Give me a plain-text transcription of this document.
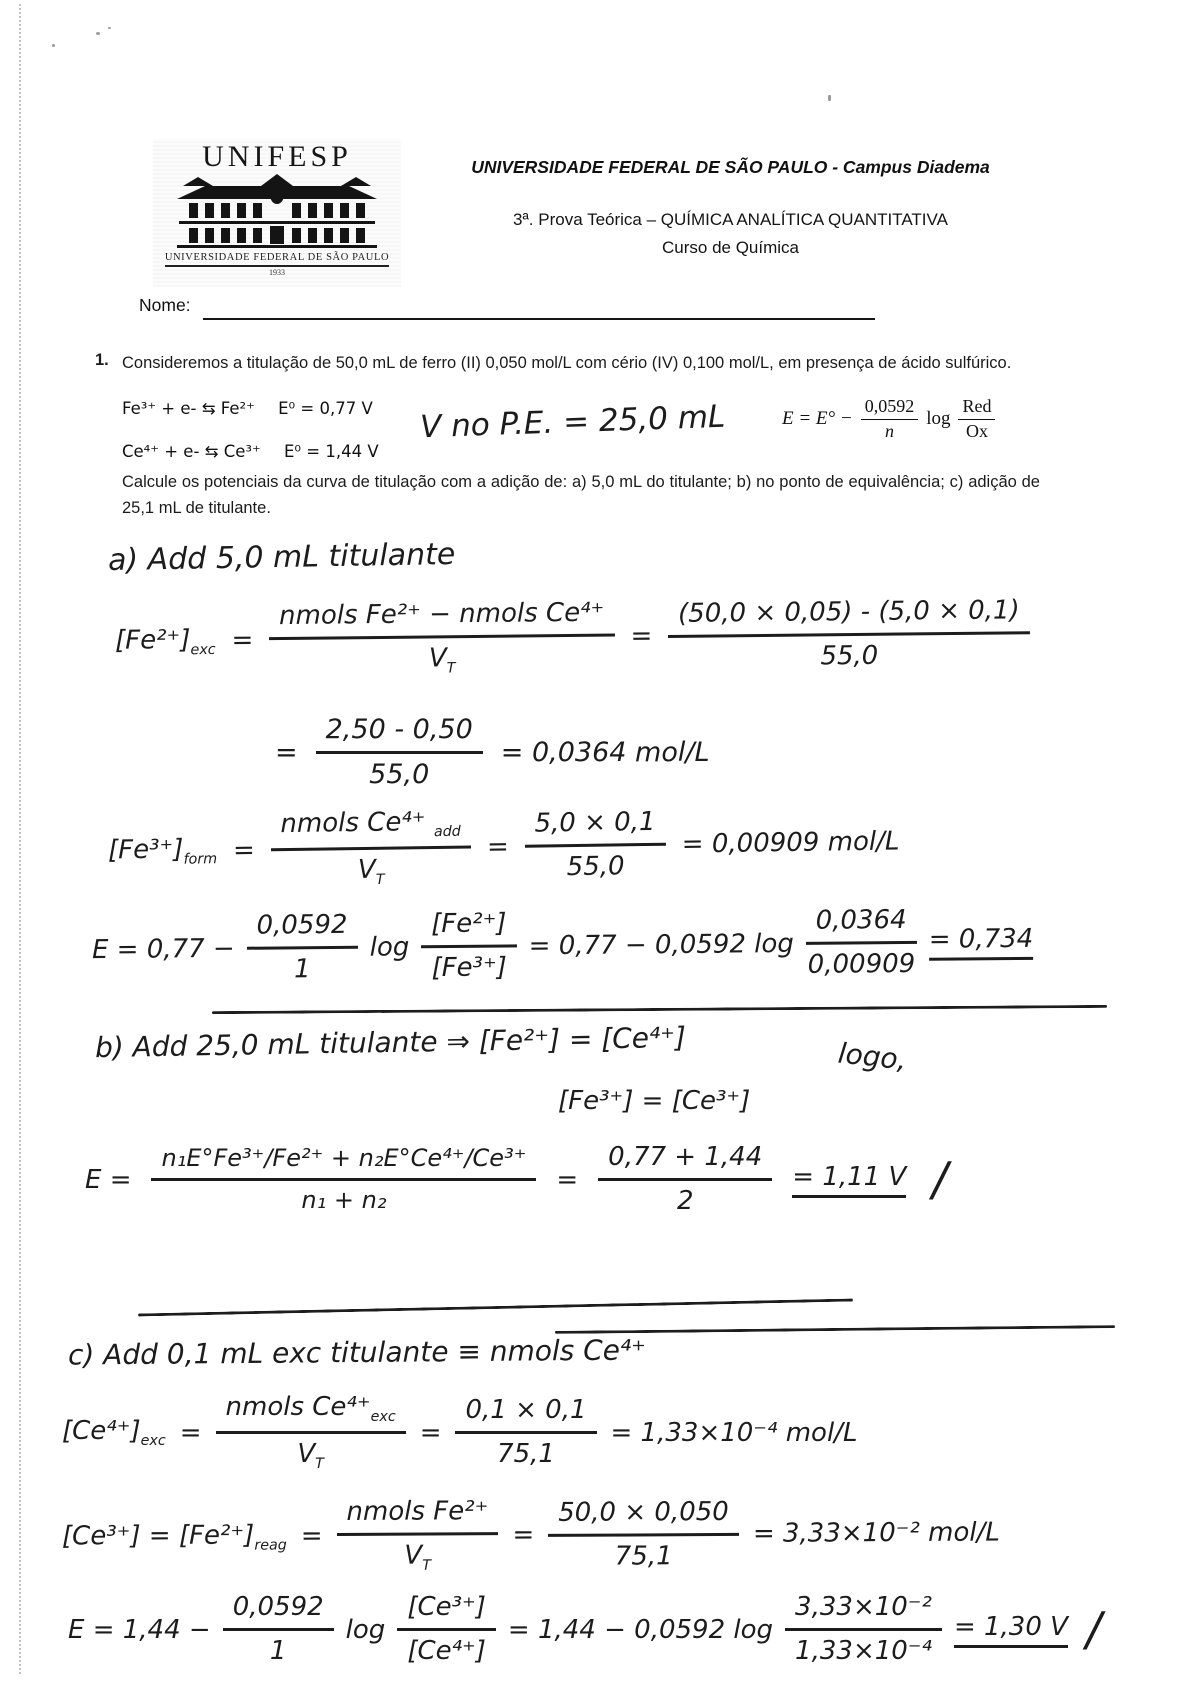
UNIFESP
UNIVERSIDADE FEDERAL DE SÃO PAULO
1933
UNIVERSIDADE FEDERAL DE SÃO PAULO - Campus Diadema
3ª. Prova Teórica – QUÍMICA ANALÍTICA QUANTITATIVA
Curso de Química
Nome:
1. Consideremos a titulação de 50,0 mL de ferro (II) 0,050 mol/L com cério (IV) 0,100 mol/L, em presença de ácido sulfúrico.
Fe³⁺ + e- ⇆ Fe²⁺ E⁰ = 0,77 V
Ce⁴⁺ + e- ⇆ Ce³⁺ E⁰ = 1,44 V
$E = E^\circ - \frac{0,0592}{n}$ $\log \frac{\text{Red}}{Ox}$
V no P.E. = 25,0 mL
Calcule os potenciais da curva de titulação com a adição de: a) 5,0 mL do titulante; b) no ponto de equivalência; c) adição de 25,1 mL de titulante.
a) Add 5,0 mL titulante
$[Fe^{2+}]_{exc} = \frac{\text{nmols Fe²⁺ − nmols Ce⁴⁺}}{V_T} = \frac{(50,0 \times 0,05) - (5,0 \times 0,1)}{55,0}$
= $\frac{2,50 - 0,50}{55,0} = 0,0364$ mol/L
$[Fe^{3+}]_{form} = \frac{nmols Ce^{4+} _{add}}{V_T} = \frac{5,0 \times 0,1}{55,0} = 0,00909$ mol/L
$E = 0,77 - \frac{0,0592}{1}$ $\log \frac{\text{[Fe²⁺]}}{\text{[Fe³⁺]}} = 0,77 - 0,0592$ $\log \frac{0,0364}{0,00909} = 0,734$
b) Add 25,0 mL titulante ⇒ [Fe²⁺] = [Ce⁴⁺]	logo,
[Fe³⁺] = [Ce³⁺]
$E = \frac{\text{n₁E°Fe³⁺/Fe²⁺ + n₂E°Ce⁴⁺/Ce³⁺}}{\text{n₁ + n₂}} = \frac{0,77 + 1,44}{2} = 1,11$ V /
c) Add 0,1 mL exc titulante ≡ nmols Ce⁴⁺
$[Ce^{4+}]_{exc} = \frac{nmols Ce^{4+}_{exc}}{V_T} = \frac{0,1 \times 0,1}{75,1} = 1,33\times 10^{-4}$ mol/L
$[Ce^{3+}] = [Fe^{2+}]_{reag} = \frac{\text{nmols Fe²⁺}}{V_T} = \frac{50,0 \times 0,050}{75,1} = 3,33\times 10^{-2}$ mol/L
$E = 1,44 - \frac{0,0592}{1}$ $\log \frac{\text{[Ce³⁺]}}{\text{[Ce⁴⁺]}} = 1,44 - 0,0592$ $\log \frac{\text{3,33×10⁻²}}{\text{1,33×10⁻⁴}} = 1,30$ V /
